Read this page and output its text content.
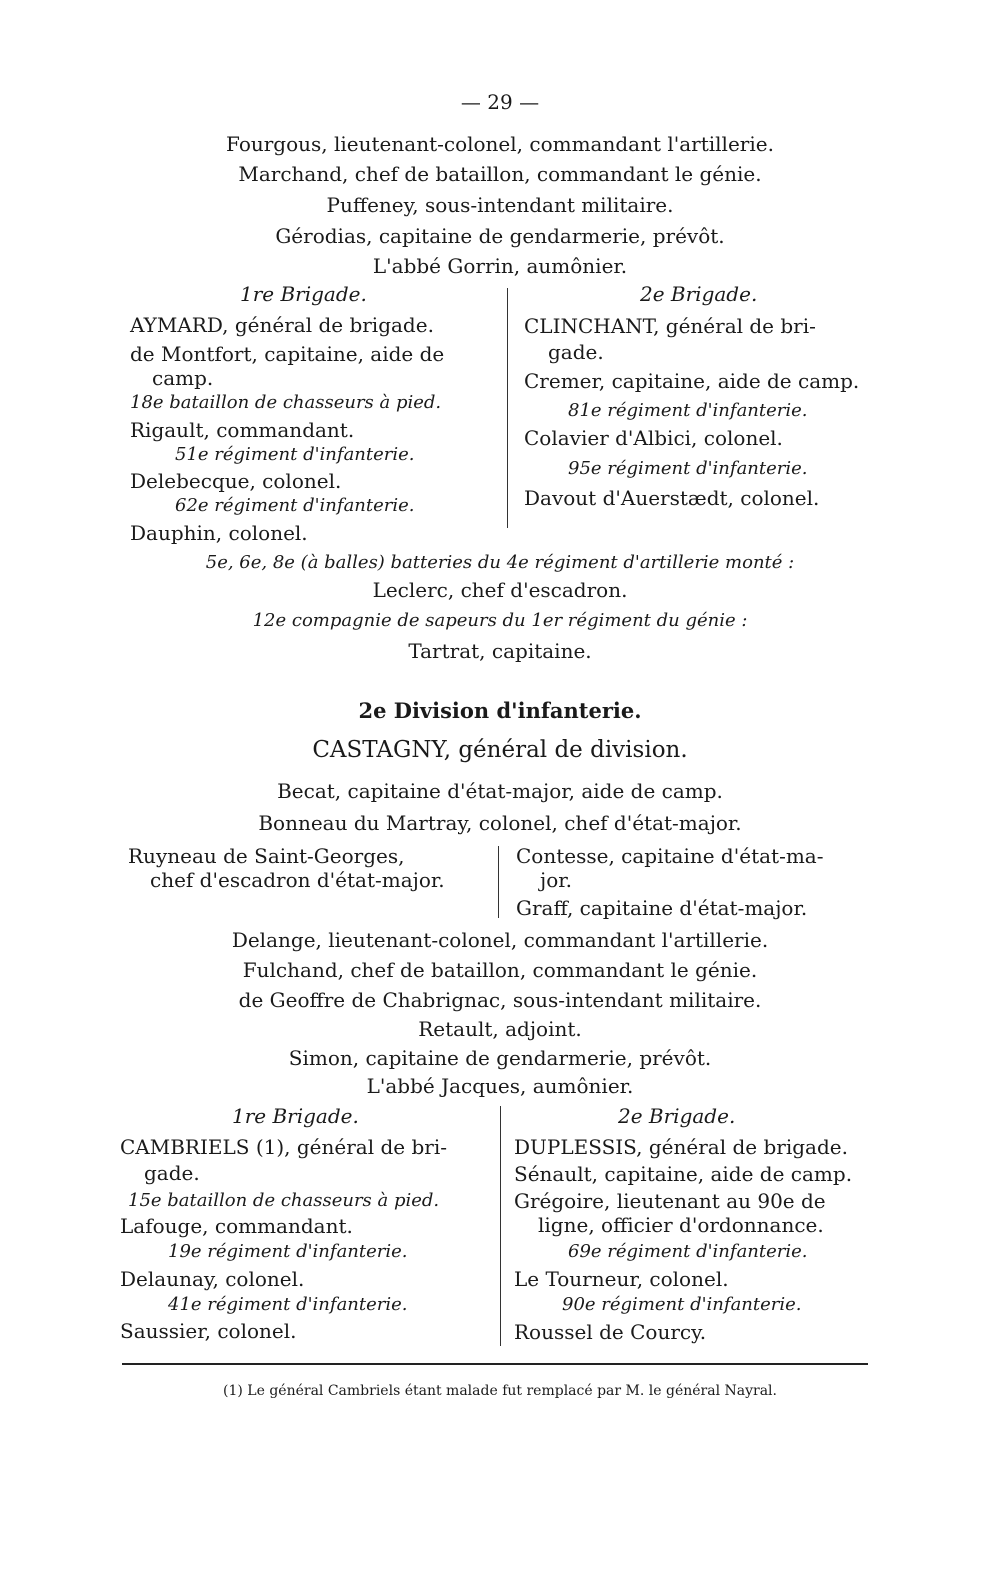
— 29 —
Fourgous, lieutenant-colonel, commandant l'artillerie.
Marchand, chef de bataillon, commandant le génie.
Puffeney, sous-intendant militaire.
Gérodias, capitaine de gendarmerie, prévôt.
L'abbé Gorrin, aumônier.
1re Brigade.
AYMARD, général de brigade.
de Montfort, capitaine, aide de
camp.
18e bataillon de chasseurs à pied.
Rigault, commandant.
51e régiment d'infanterie.
Delebecque, colonel.
62e régiment d'infanterie.
Dauphin, colonel.
2e Brigade.
CLINCHANT, général de bri-
gade.
Cremer, capitaine, aide de camp.
81e régiment d'infanterie.
Colavier d'Albici, colonel.
95e régiment d'infanterie.
Davout d'Auerstædt, colonel.
5e, 6e, 8e (à balles) batteries du 4e régiment d'artillerie monté :
Leclerc, chef d'escadron.
12e compagnie de sapeurs du 1er régiment du génie :
Tartrat, capitaine.
2e Division d'infanterie.
CASTAGNY, général de division.
Becat, capitaine d'état-major, aide de camp.
Bonneau du Martray, colonel, chef d'état-major.
Ruyneau de Saint-Georges,
chef d'escadron d'état-major.
Contesse, capitaine d'état-ma-
jor.
Graff, capitaine d'état-major.
Delange, lieutenant-colonel, commandant l'artillerie.
Fulchand, chef de bataillon, commandant le génie.
de Geoffre de Chabrignac, sous-intendant militaire.
Retault, adjoint.
Simon, capitaine de gendarmerie, prévôt.
L'abbé Jacques, aumônier.
1re Brigade.
CAMBRIELS (1), général de bri-
gade.
15e bataillon de chasseurs à pied.
Lafouge, commandant.
19e régiment d'infanterie.
Delaunay, colonel.
41e régiment d'infanterie.
Saussier, colonel.
2e Brigade.
DUPLESSIS, général de brigade.
Sénault, capitaine, aide de camp.
Grégoire, lieutenant au 90e de
ligne, officier d'ordonnance.
69e régiment d'infanterie.
Le Tourneur, colonel.
90e régiment d'infanterie.
Roussel de Courcy.
(1) Le général Cambriels étant malade fut remplacé par M. le général Nayral.
